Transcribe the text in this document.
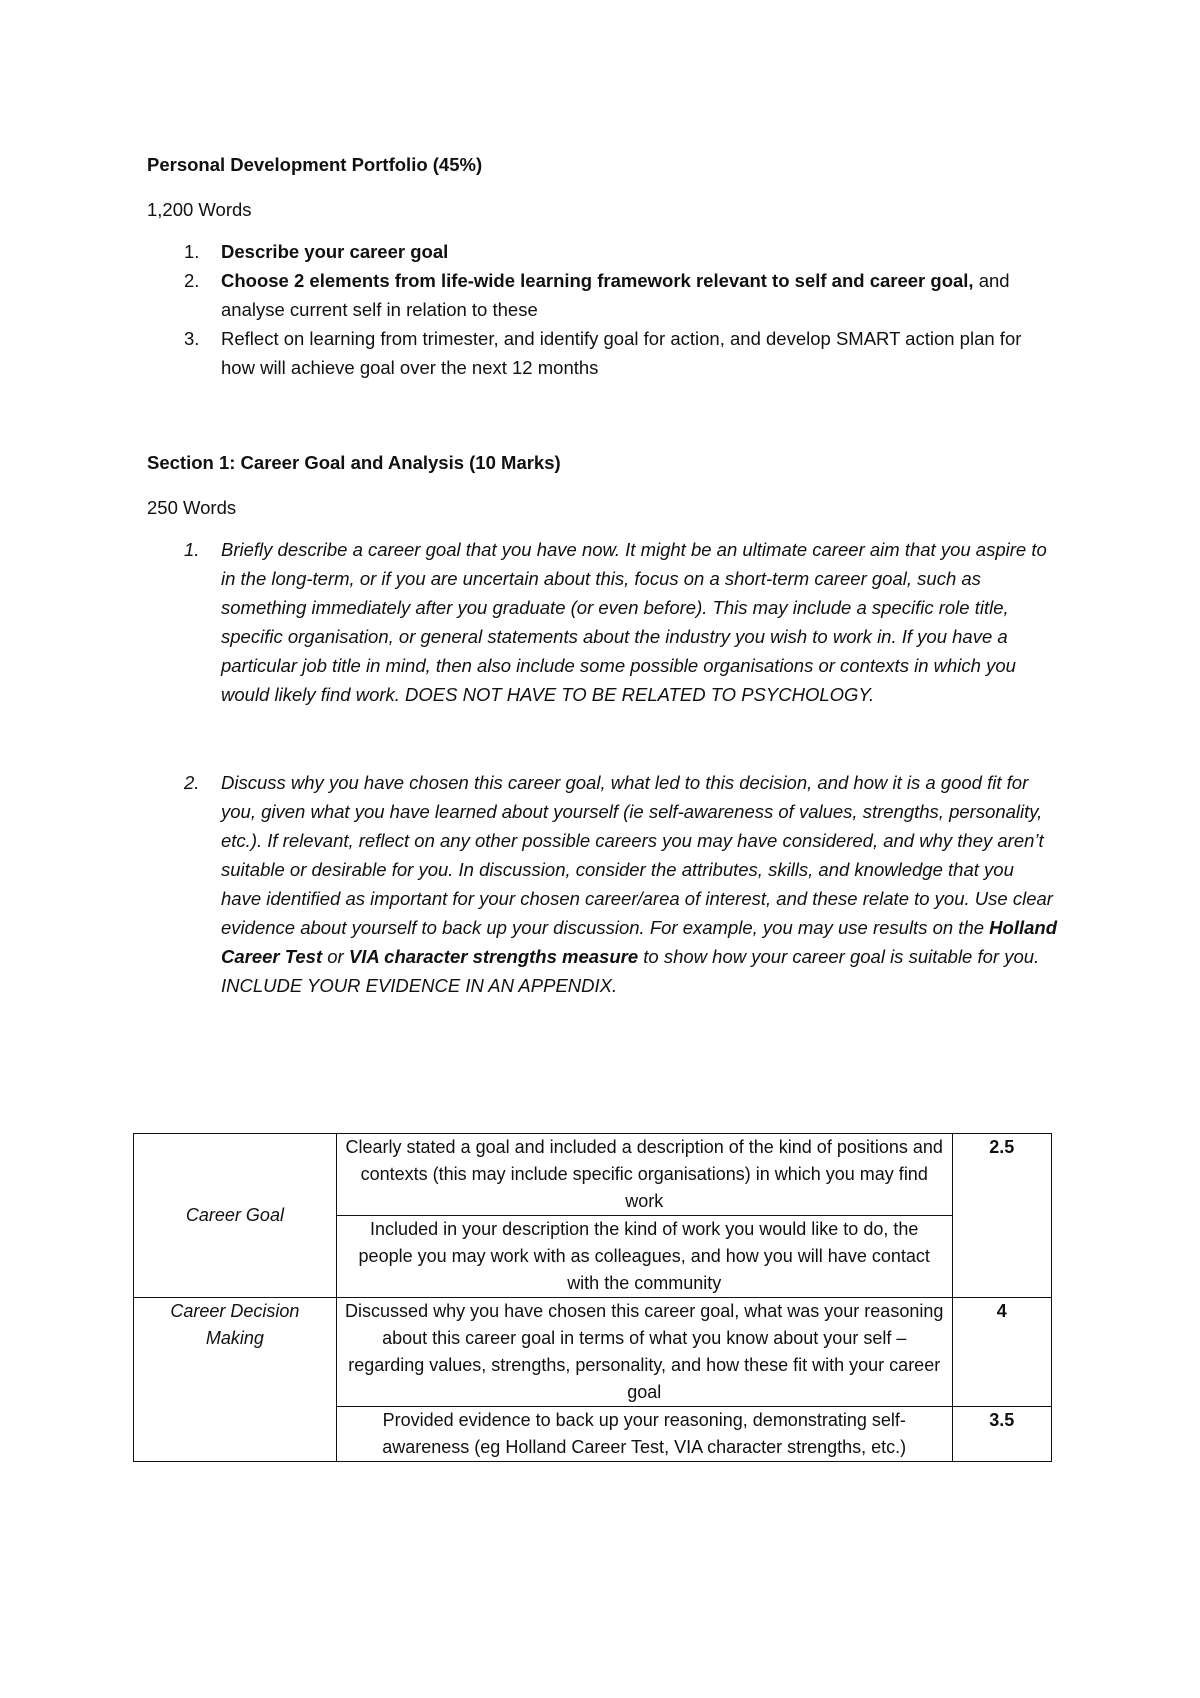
Personal Development Portfolio (45%)
1,200 Words
1. Describe your career goal
2. Choose 2 elements from life-wide learning framework relevant to self and career goal, and analyse current self in relation to these
3. Reflect on learning from trimester, and identify goal for action, and develop SMART action plan for how will achieve goal over the next 12 months
Section 1: Career Goal and Analysis (10 Marks)
250 Words
1. Briefly describe a career goal that you have now. It might be an ultimate career aim that you aspire to in the long-term, or if you are uncertain about this, focus on a short-term career goal, such as something immediately after you graduate (or even before). This may include a specific role title, specific organisation, or general statements about the industry you wish to work in. If you have a particular job title in mind, then also include some possible organisations or contexts in which you would likely find work. DOES NOT HAVE TO BE RELATED TO PSYCHOLOGY.
2. Discuss why you have chosen this career goal, what led to this decision, and how it is a good fit for you, given what you have learned about yourself (ie self-awareness of values, strengths, personality, etc.). If relevant, reflect on any other possible careers you may have considered, and why they aren’t suitable or desirable for you. In discussion, consider the attributes, skills, and knowledge that you have identified as important for your chosen career/area of interest, and these relate to you. Use clear evidence about yourself to back up your discussion. For example, you may use results on the Holland Career Test or VIA character strengths measure to show how your career goal is suitable for you. INCLUDE YOUR EVIDENCE IN AN APPENDIX.
Career Goal	Clearly stated a goal and included a description of the kind of positions and contexts (this may include specific organisations) in which you may find work	2.5
	Included in your description the kind of work you would like to do, the people you may work with as colleagues, and how you will have contact with the community	
Career Decision Making	Discussed why you have chosen this career goal, what was your reasoning about this career goal in terms of what you know about your self – regarding values, strengths, personality, and how these fit with your career goal	4
	Provided evidence to back up your reasoning, demonstrating self-awareness (eg Holland Career Test, VIA character strengths, etc.)	3.5
